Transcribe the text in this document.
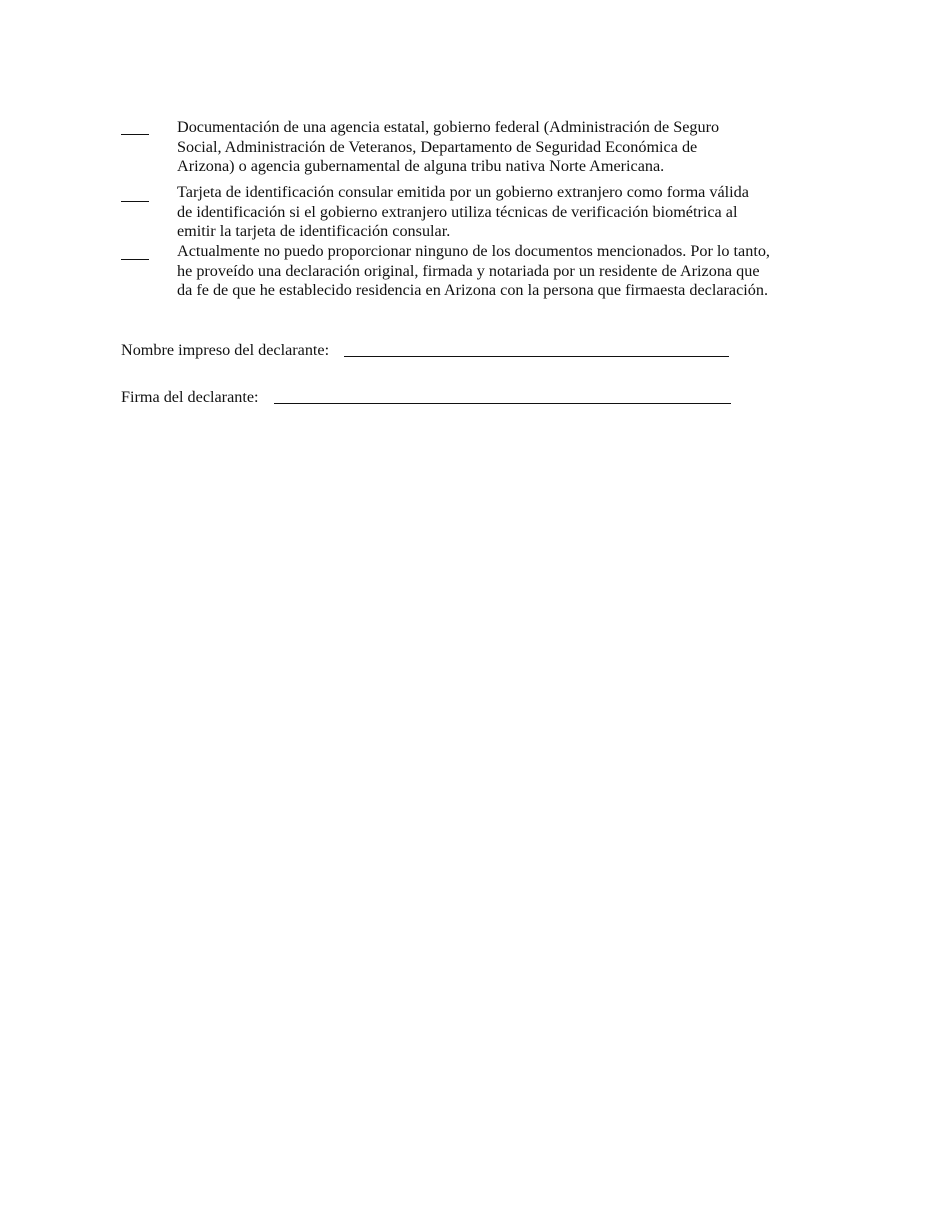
Documentación de una agencia estatal, gobierno federal (Administración de Seguro
Social, Administración de Veteranos, Departamento de Seguridad Económica de
Arizona) o agencia gubernamental de alguna tribu nativa Norte Americana.
Tarjeta de identificación consular emitida por un gobierno extranjero como forma válida
de identificación si el gobierno extranjero utiliza técnicas de verificación biométrica al
emitir la tarjeta de identificación consular.
Actualmente no puedo proporcionar ninguno de los documentos mencionados. Por lo tanto,
he proveído una declaración original, firmada y notariada por un residente de Arizona que
da fe de que he establecido residencia en Arizona con la persona que firmaesta declaración.
Nombre impreso del declarante:
Firma del declarante:
